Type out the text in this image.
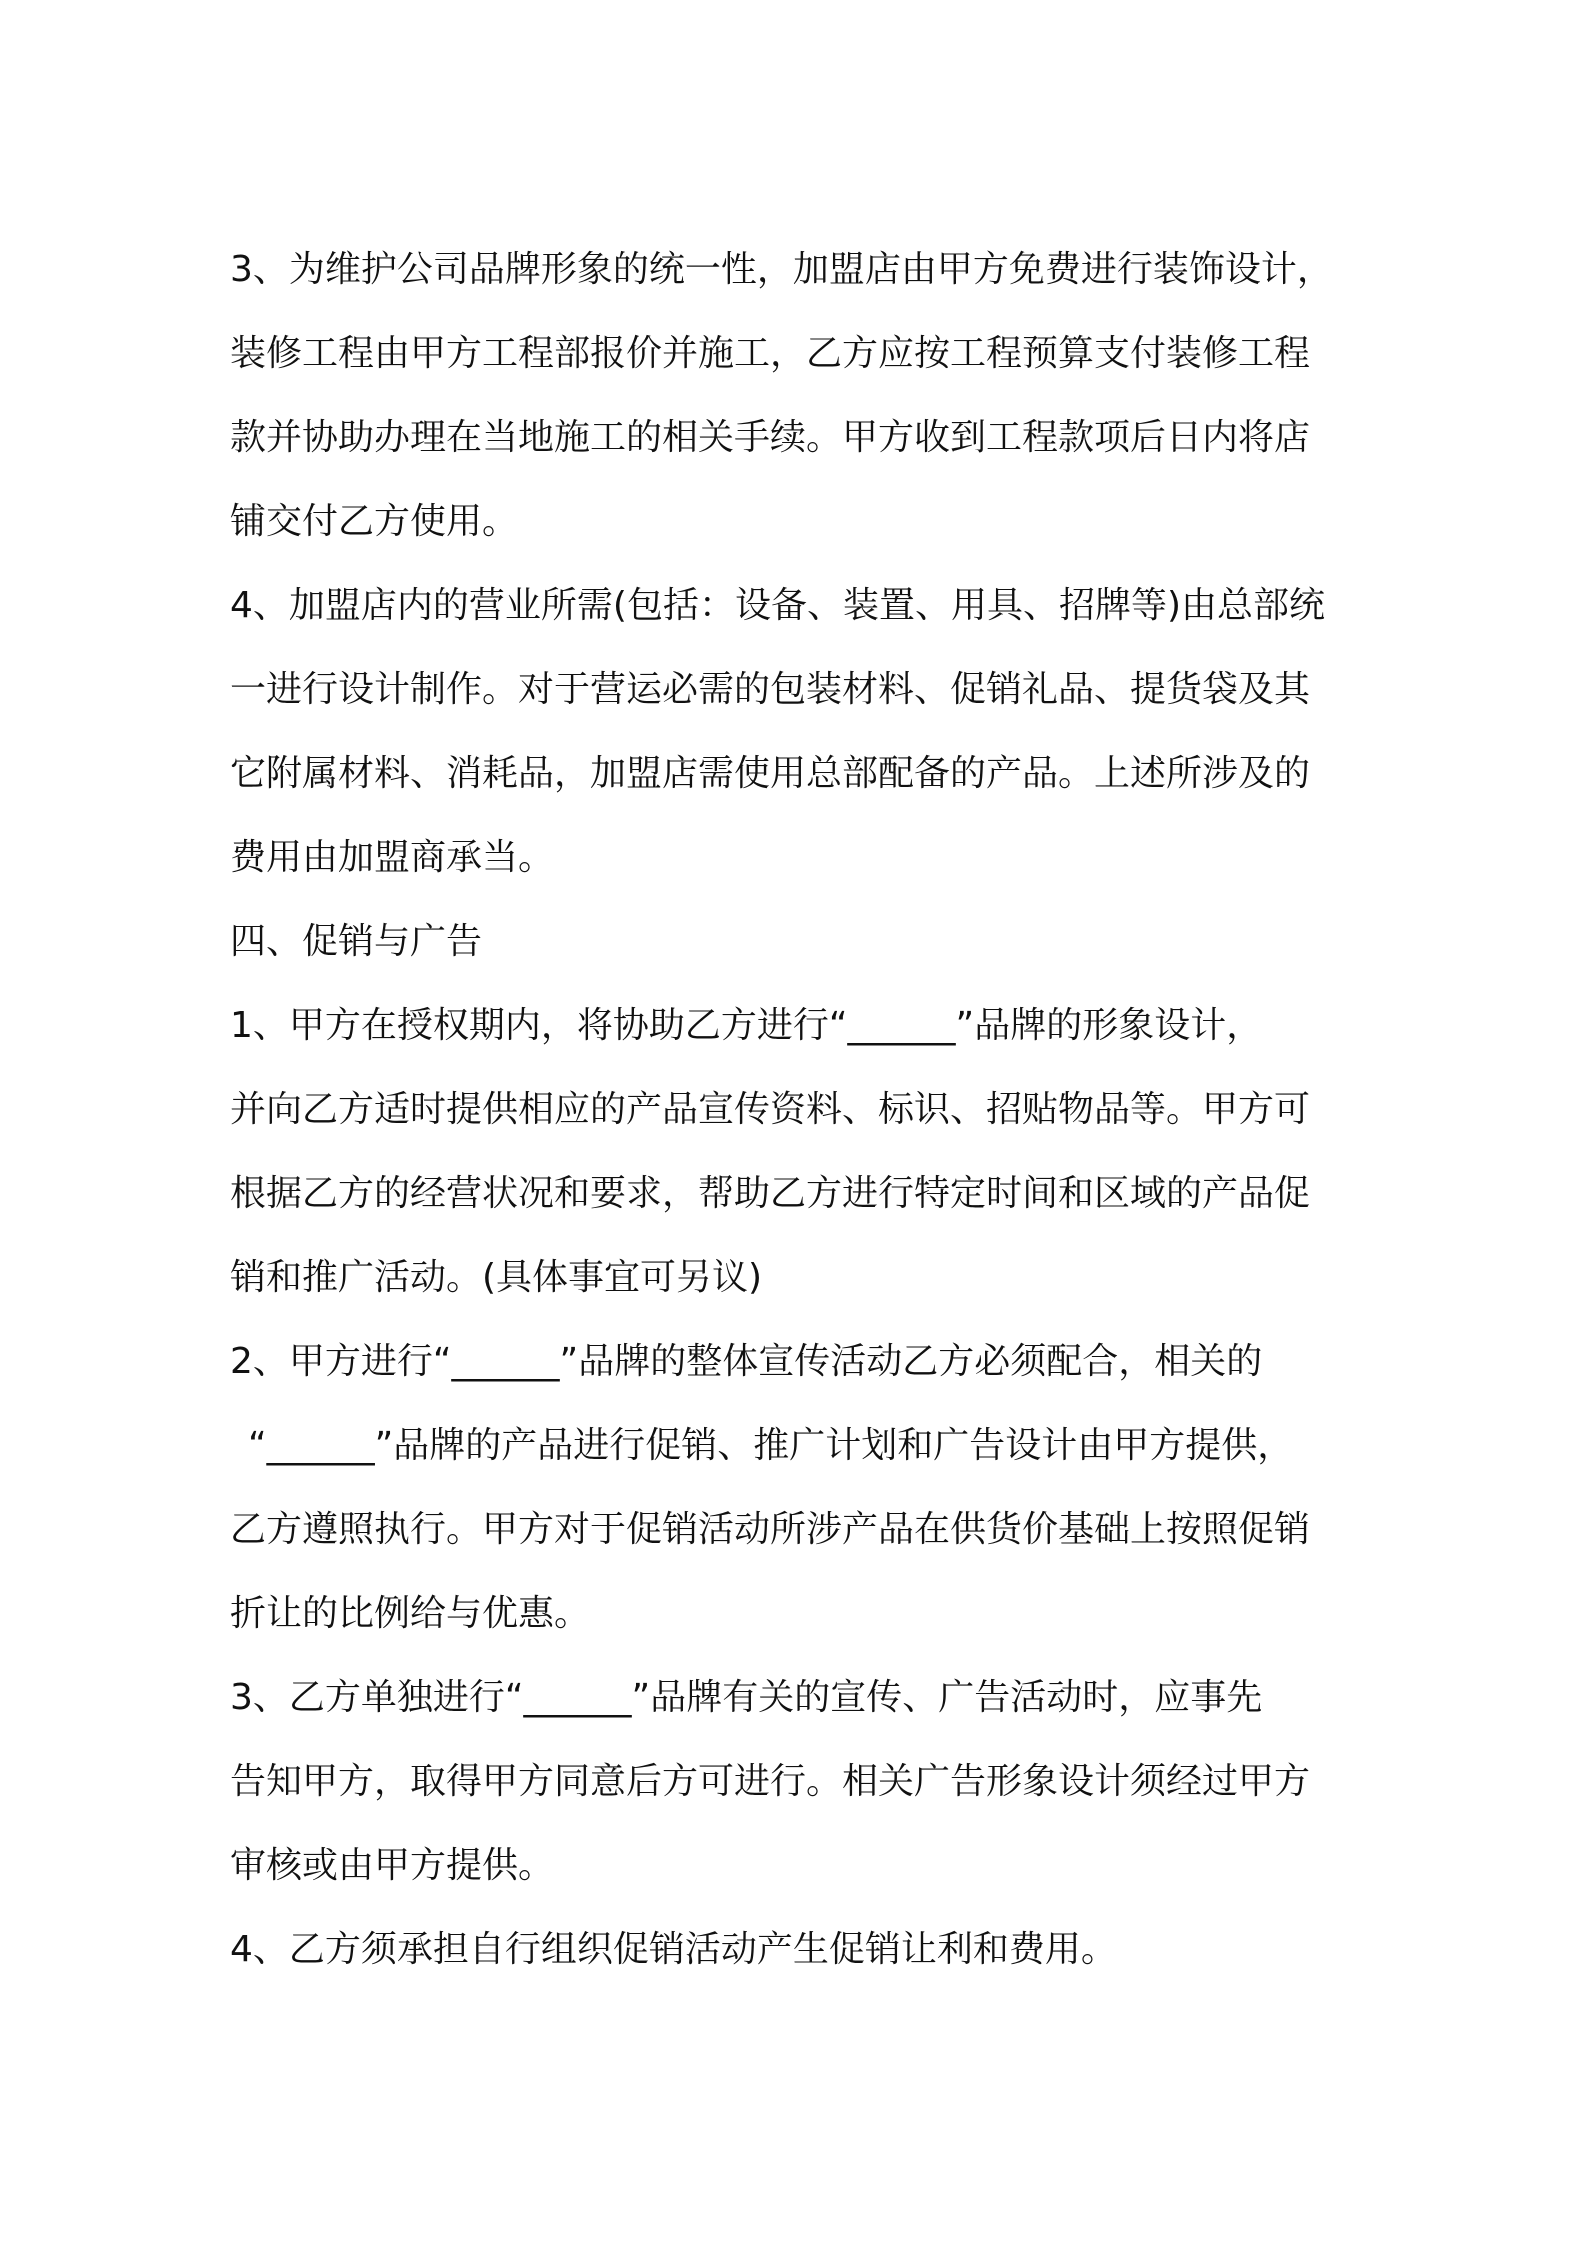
3、为维护公司品牌形象的统一性，加盟店由甲方免费进行装饰设计，
装修工程由甲方工程部报价并施工，乙方应按工程预算支付装修工程
款并协助办理在当地施工的相关手续。甲方收到工程款项后日内将店
铺交付乙方使用。
4、加盟店内的营业所需(包括：设备、装置、用具、招牌等)由总部统
一进行设计制作。对于营运必需的包装材料、促销礼品、提货袋及其
它附属材料、消耗品，加盟店需使用总部配备的产品。上述所涉及的
费用由加盟商承当。
四、促销与广告
1、甲方在授权期内，将协助乙方进行“______”品牌的形象设计，
并向乙方适时提供相应的产品宣传资料、标识、招贴物品等。甲方可
根据乙方的经营状况和要求，帮助乙方进行特定时间和区域的产品促
销和推广活动。(具体事宜可另议)
2、甲方进行“______”品牌的整体宣传活动乙方必须配合，相关的
“______”品牌的产品进行促销、推广计划和广告设计由甲方提供，
乙方遵照执行。甲方对于促销活动所涉产品在供货价基础上按照促销
折让的比例给与优惠。
3、乙方单独进行“______”品牌有关的宣传、广告活动时，应事先
告知甲方，取得甲方同意后方可进行。相关广告形象设计须经过甲方
审核或由甲方提供。
4、乙方须承担自行组织促销活动产生促销让利和费用。
